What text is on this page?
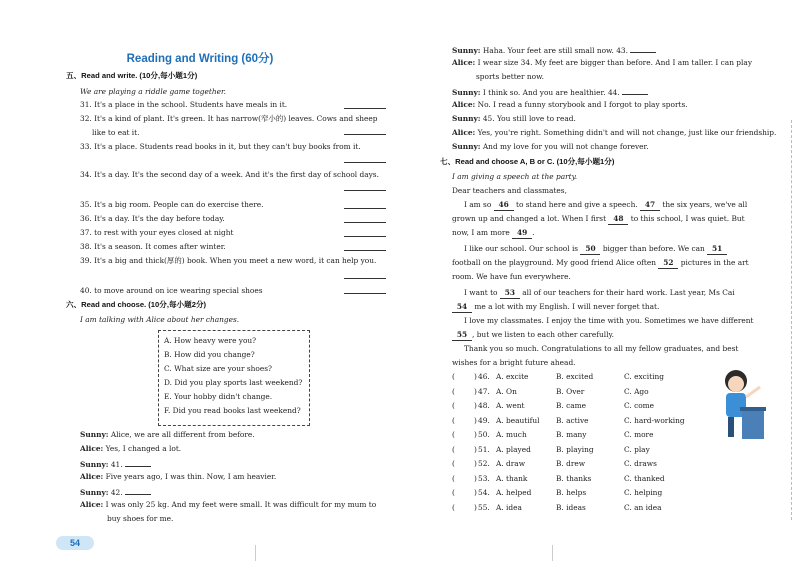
Reading and Writing (60分)
五、Read and write. (10分,每小题1分)
We are playing a riddle game together.
31. It's a place in the school. Students have meals in it.
32. It's a kind of plant. It's green. It has narrow(窄小的) leaves. Cows and sheep
like to eat it.
33. It's a place. Students read books in it, but they can't buy books from it.
34. It's a day. It's the second day of a week. And it's the first day of school days.
35. It's a big room. People can do exercise there.
36. It's a day. It's the day before today.
37. to rest with your eyes closed at night
38. It's a season. It comes after winter.
39. It's a big and thick(厚的) book. When you meet a new word, it can help you.
40. to move around on ice wearing special shoes
六、Read and choose. (10分,每小题2分)
I am talking with Alice about her changes.
A. How heavy were you?
B. How did you change?
C. What size are your shoes?
D. Did you play sports last weekend?
E. Your hobby didn't change.
F. Did you read books last weekend?
Sunny: Alice, we are all different from before.
Alice: Yes, I changed a lot.
Sunny: 41.
Alice: Five years ago, I was thin. Now, I am heavier.
Sunny: 42.
Alice: I was only 25 kg. And my feet were small. It was difficult for my mum to
buy shoes for me.
54
Sunny: Haha. Your feet are still small now. 43.
Alice: I wear size 34. My feet are bigger than before. And I am taller. I can play
sports better now.
Sunny: I think so. And you are healthier. 44.
Alice: No. I read a funny storybook and I forgot to play sports.
Sunny: 45. You still love to read.
Alice: Yes, you're right. Something didn't and will not change, just like our friendship.
Sunny: And my love for you will not change forever.
七、Read and choose A, B or C. (10分,每小题1分)
I am giving a speech at the party.
Dear teachers and classmates,
I am so 46 to stand here and give a speech. 47 the six years, we've all
grown up and changed a lot. When I first 48 to this school, I was quiet. But
now, I am more 49 .
I like our school. Our school is 50 bigger than before. We can 51
football on the playground. My good friend Alice often 52 pictures in the art
room. We have fun everywhere.
I want to 53 all of our teachers for their hard work. Last year, Ms Cai
54 me a lot with my English. I will never forget that.
I love my classmates. I enjoy the time with you. Sometimes we have different
55 , but we listen to each other carefully.
Thank you so much. Congratulations to all my fellow graduates, and best
wishes for a bright future ahead.
(	) 46. A. excite	B. excited	C. exciting
(	) 47. A. On	B. Over	C. Ago
(	) 48. A. went	B. came	C. come
(	) 49. A. beautiful B. active	C. hard-working
(	) 50. A. much	B. many	C. more
(	) 51. A. played	B. playing	C. play
(	) 52. A. draw	B. drew	C. draws
(	) 53. A. thank	B. thanks	C. thanked
(	) 54. A. helped	B. helps	C. helping
(	) 55. A. idea	B. ideas	C. an idea
